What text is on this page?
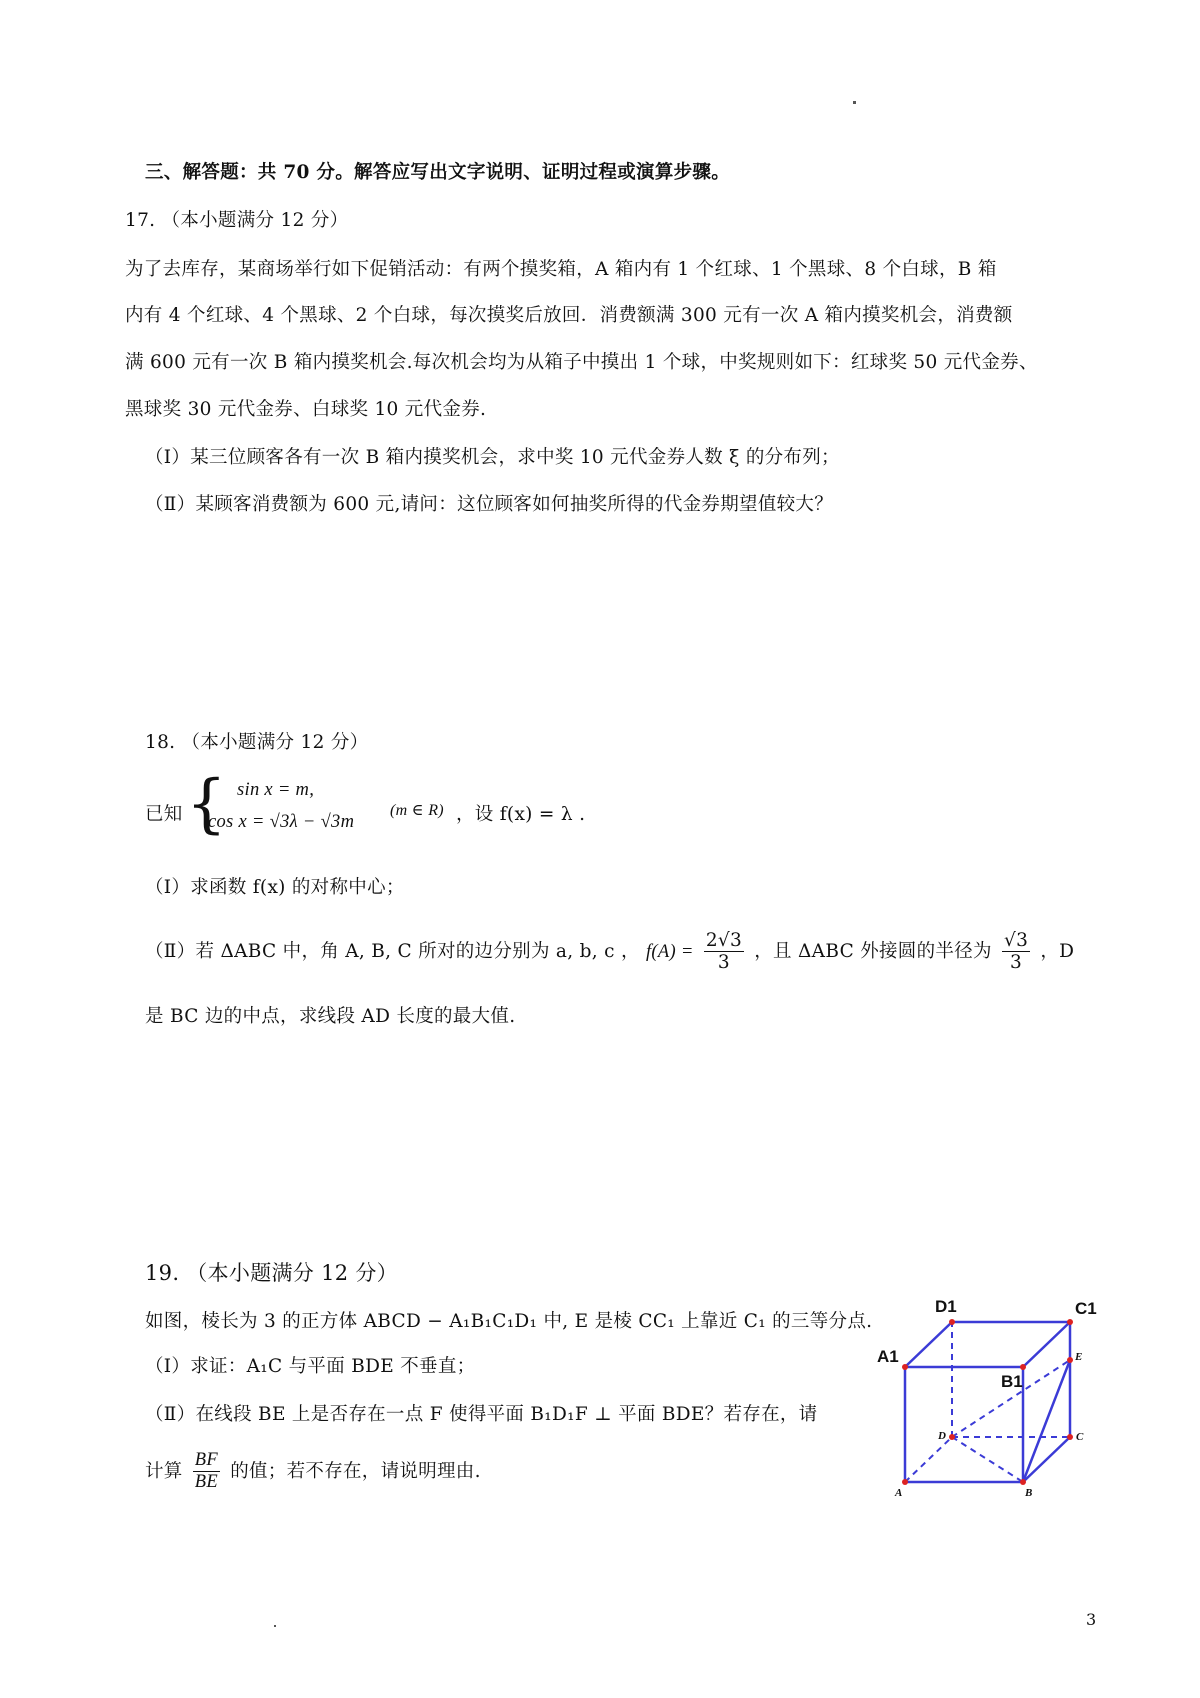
三、解答题：共 70 分。解答应写出文字说明、证明过程或演算步骤。
17. （本小题满分 12 分）
为了去库存，某商场举行如下促销活动：有两个摸奖箱，A 箱内有 1 个红球、1 个黑球、8 个白球，B 箱
内有 4 个红球、4 个黑球、2 个白球，每次摸奖后放回．消费额满 300 元有一次 A 箱内摸奖机会，消费额
满 600 元有一次 B 箱内摸奖机会.每次机会均为从箱子中摸出 1 个球，中奖规则如下：红球奖 50 元代金券、
黑球奖 30 元代金券、白球奖 10 元代金券.
（Ⅰ）某三位顾客各有一次 B 箱内摸奖机会，求中奖 10 元代金券人数 ξ 的分布列；
（Ⅱ）某顾客消费额为 600 元,请问：这位顾客如何抽奖所得的代金券期望值较大？
18. （本小题满分 12 分）
已知 { sin x = m,
cos x = √3λ − √3m
(m ∈ R) ，设 f(x) = λ .
（Ⅰ）求函数 f(x) 的对称中心；
（Ⅱ）若 ΔABC 中，角 A, B, C 所对的边分别为 a, b, c ， $f(A) = \frac{2√3}{3}$ ，且 ΔABC 外接圆的半径为 $\frac{√3}{3}$ ，D
是 BC 边的中点，求线段 AD 长度的最大值.
19. （本小题满分 12 分）
如图，棱长为 3 的正方体 ABCD − A₁B₁C₁D₁ 中, E 是棱 CC₁ 上靠近 C₁ 的三等分点.
（Ⅰ）求证：A₁C 与平面 BDE 不垂直；
（Ⅱ）在线段 BE 上是否存在一点 F 使得平面 B₁D₁F ⊥ 平面 BDE？若存在，请
计算 $\frac{BF}{BE}$ 的值；若不存在，请说明理由.
D1	C1
A1
B1
E
D	C
A	B
3
